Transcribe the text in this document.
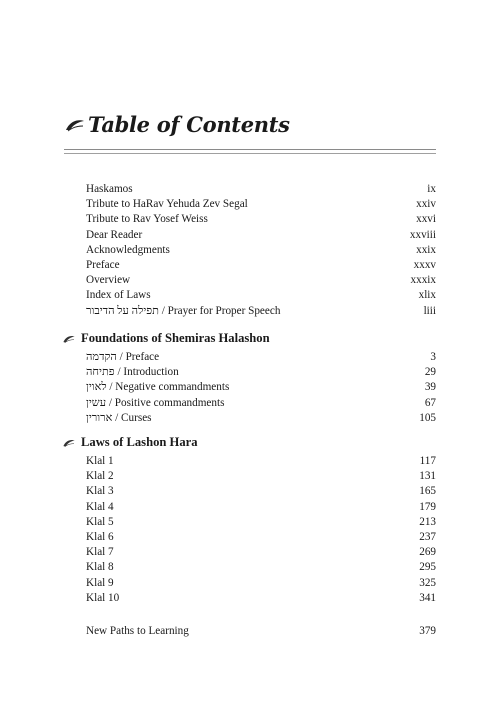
Table of Contents
Haskamos	ix
Tribute to HaRav Yehuda Zev Segal	xxiv
Tribute to Rav Yosef Weiss	xxvi
Dear Reader	xxviii
Acknowledgments	xxix
Preface	xxxv
Overview	xxxix
Index of Laws	xlix
תפילה על הדיבור / Prayer for Proper Speech	liii
Foundations of Shemiras Halashon
הקדמה / Preface	3
פתיחה / Introduction	29
לאוין / Negative commandments	39
עשין / Positive commandments	67
ארורין / Curses	105
Laws of Lashon Hara
Klal 1	117
Klal 2	131
Klal 3	165
Klal 4	179
Klal 5	213
Klal 6	237
Klal 7	269
Klal 8	295
Klal 9	325
Klal 10	341
New Paths to Learning	379
